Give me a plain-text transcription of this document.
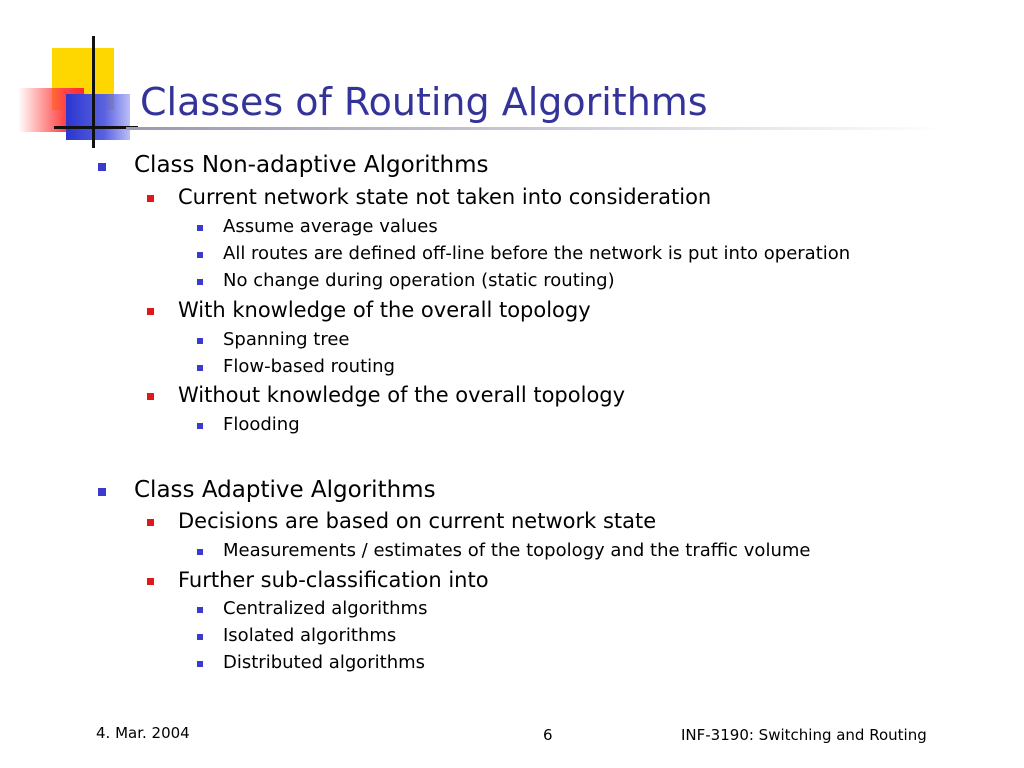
Classes of Routing Algorithms
Class Non-adaptive Algorithms
Current network state not taken into consideration
Assume average values
All routes are defined off-line before the network is put into operation
No change during operation (static routing)
With knowledge of the overall topology
Spanning tree
Flow-based routing
Without knowledge of the overall topology
Flooding
Class Adaptive Algorithms
Decisions are based on current network state
Measurements / estimates of the topology and the traffic volume
Further sub-classification into
Centralized algorithms
Isolated algorithms
Distributed algorithms
4. Mar. 2004	6	INF-3190: Switching and Routing
